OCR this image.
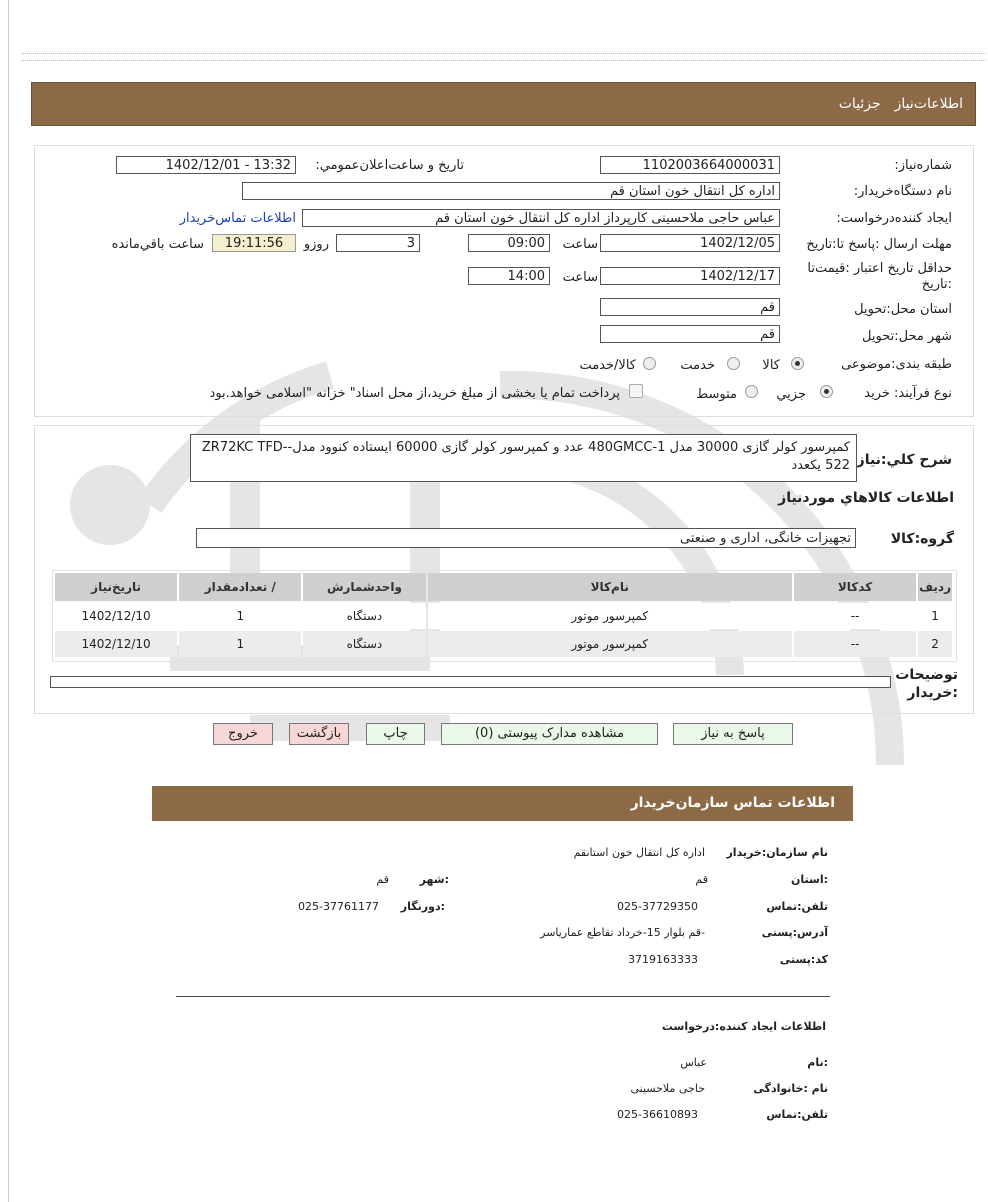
اطلاعات‌نيازجزئيات
شماره‌نياز:
1102003664000031
تاريخ و ساعت‌اعلان‌عمومي:
1402/12/01 - 13:32
نام دستگاه‌خريدار:
اداره کل انتقال خون استان قم
ايجاد كننده‌درخواست:
عباس حاجی ملاحسینی کارپرداز اداره کل انتقال خون استان قم
اطلاعات تماس‌خريدار
مهلت ارسال :پاسخ تا:تاريخ
1402/12/05
ساعت
09:00
3
روزو
19:11:56
ساعت باقي‌مانده
حداقل تاريخ اعتبار :قيمت‌تا :تاريخ
1402/12/17
ساعت
14:00
استان محل:تحويل
قم
شهر محل:تحويل
قم
طبقه بندی:موضوعی
كالا
خدمت
كالا/خدمت
نوع فرآيند: خريد
جزيي
متوسط
پرداخت تمام يا بخشی از مبلغ خريد،از محل اسناد" خزانه "اسلامی خواهد.بود
شرح كلي:نياز
کمپرسور کولر گازی 30000 مدل 480GMCC-1 عدد و کمپرسور کولر گازی 60000 ایستاده کنوود مدل-ZR72KC TFD-522 یکعدد
اطلاعات كالاهاي موردنياز
گروه:كالا
تجهیزات خانگی، اداری و صنعتی
رديف	كدكالا	نام‌كالا	واحدشمارش	/ تعدادمقدار	تاريخ‌نياز
1	--	کمپرسور موتور	دستگاه	1	1402/12/10
2	--	کمپرسور موتور	دستگاه	1	1402/12/10
توضيحات :خريدار
پاسخ به نياز
مشاهده مدارک پيوستی (0)
چاپ
بازگشت
خروج
اطلاعات تماس سازمان‌خريدار
نام سازمان:خريدار
اداره کل انتقال خون استانقم
:استان
قم
:شهر
قم
تلفن:تماس
025-37729350
:دورنگار
025-37761177
آدرس:پستی
-قم بلوار 15-خرداد تقاطع عمارياسر
كد:پستی
3719163333
اطلاعات ايجاد كننده:درخواست
:نام
عباس
نام :خانوادگی
حاجی ملاحسینی
تلفن:تماس
025-36610893
